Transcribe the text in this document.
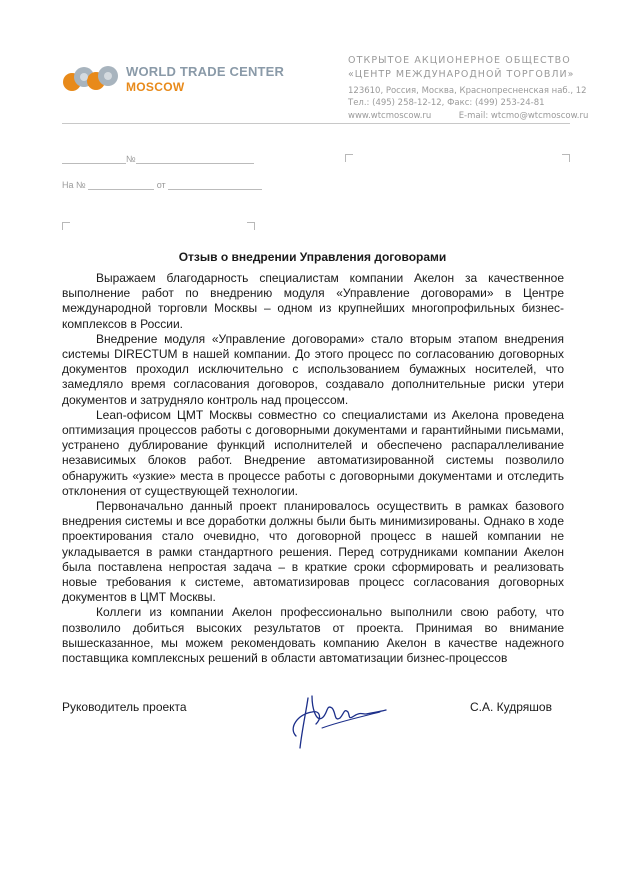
WORLD TRADE CENTER
MOSCOW
ОТКРЫТОЕ АКЦИОНЕРНОЕ ОБЩЕСТВО
«ЦЕНТР МЕЖДУНАРОДНОЙ ТОРГОВЛИ»
123610, Россия, Москва, Краснопресненская наб., 12
Тел.: (495) 258-12-12, Факс: (499) 253-24-81
www.wtcmoscow.ru	E-mail: wtcmo@wtcmoscow.ru
№
На №	от
Отзыв о внедрении Управления договорами

Выражаем благодарность специалистам компании Акелон за качественное выполнение работ по внедрению модуля «Управление договорами» в Центре международной торговли Москвы – одном из крупнейших многопрофильных бизнес-комплексов в России.

Внедрение модуля «Управление договорами» стало вторым этапом внедрения системы DIRECTUM в нашей компании. До этого процесс по согласованию договорных документов проходил исключительно с использованием бумажных носителей, что замедляло время согласования договоров, создавало дополнительные риски утери документов и затрудняло контроль над процессом.

Lean-офисом ЦМТ Москвы совместно со специалистами из Акелона проведена оптимизация процессов работы с договорными документами и гарантийными письмами, устранено дублирование функций исполнителей и обеспечено распараллеливание независимых блоков работ. Внедрение автоматизированной системы позволило обнаружить «узкие» места в процессе работы с договорными документами и отследить отклонения от существующей технологии.

Первоначально данный проект планировалось осуществить в рамках базового внедрения системы и все доработки должны были быть минимизированы. Однако в ходе проектирования стало очевидно, что договорной процесс в нашей компании не укладывается в рамки стандартного решения. Перед сотрудниками компании Акелон была поставлена непростая задача – в краткие сроки сформировать и реализовать новые требования к системе, автоматизировав процесс согласования договорных документов в ЦМТ Москвы.

Коллеги из компании Акелон профессионально выполнили свою работу, что позволило добиться высоких результатов от проекта. Принимая во внимание вышесказанное, мы можем рекомендовать компанию Акелон в качестве надежного поставщика комплексных решений в области автоматизации бизнес-процессов

Руководитель проекта	С.А. Кудряшов
